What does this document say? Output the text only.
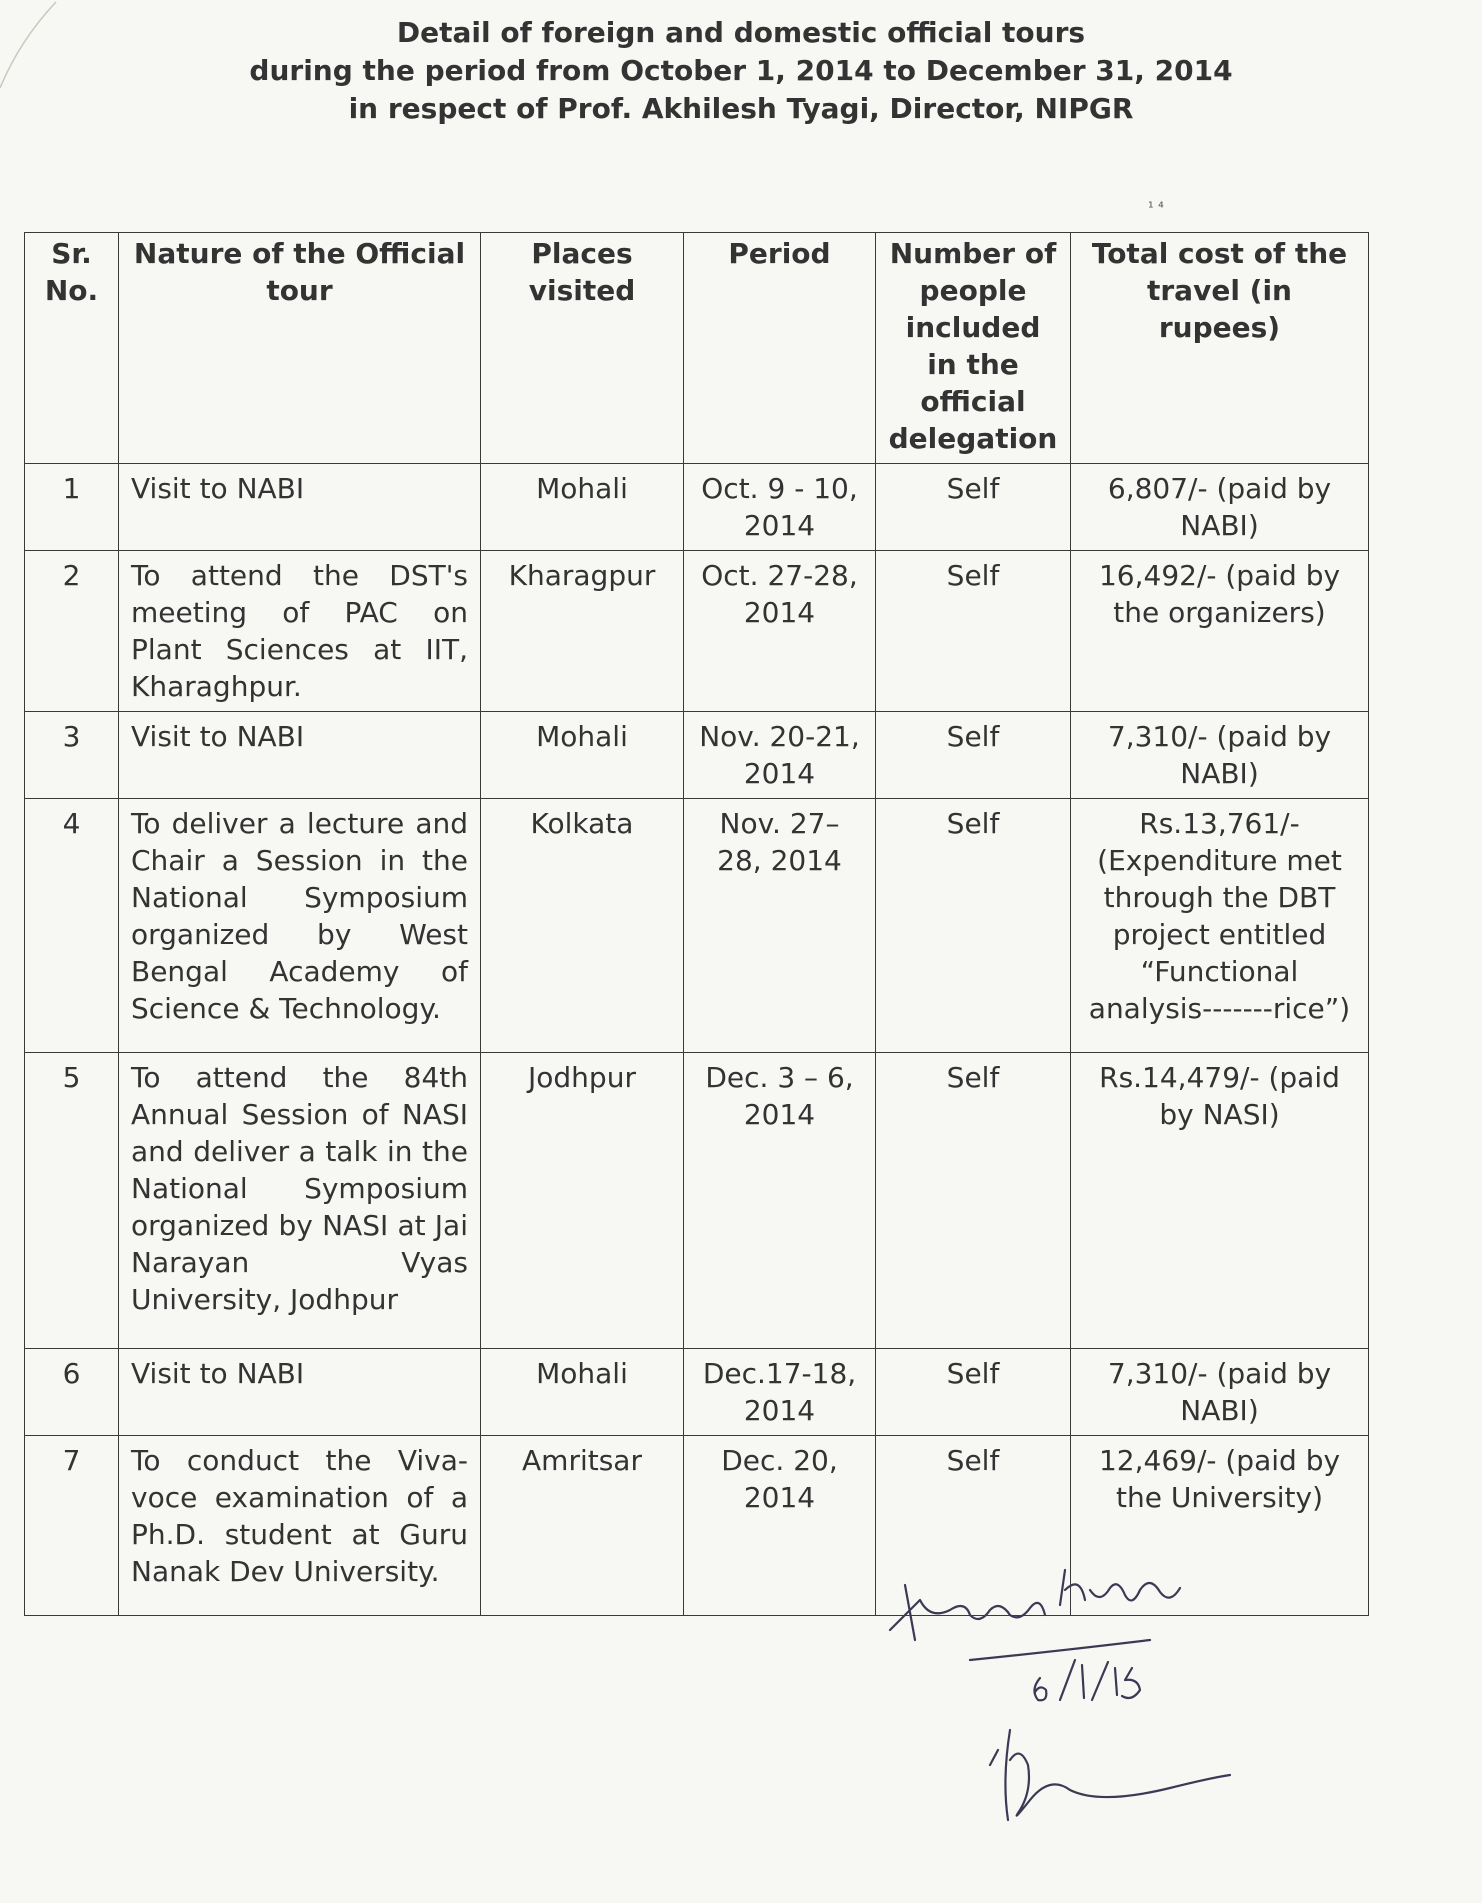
Detail of foreign and domestic official tours
during the period from October 1, 2014 to December 31, 2014
in respect of Prof. Akhilesh Tyagi, Director, NIPGR
¹ ⁴
Sr. No.	Nature of the Official tour	Places visited	Period	Number of people included in the official delegation	Total cost of the travel (in rupees)
1	Visit to NABI	Mohali	Oct. 9 - 10, 2014	Self	6,807/- (paid by NABI)
2	To attend the DST's meeting of PAC on Plant Sciences at IIT, Kharaghpur.	Kharagpur	Oct. 27-28, 2014	Self	16,492/- (paid by the organizers)
3	Visit to NABI	Mohali	Nov. 20-21, 2014	Self	7,310/- (paid by NABI)
4	To deliver a lecture and Chair a Session in the National Symposium organized by West Bengal Academy of Science & Technology.	Kolkata	Nov. 27– 28, 2014	Self	Rs.13,761/- (Expenditure met through the DBT project entitled “Functional analysis-------rice”)
5	To attend the 84th Annual Session of NASI and deliver a talk in the National Symposium organized by NASI at Jai Narayan Vyas University, Jodhpur	Jodhpur	Dec. 3 – 6, 2014	Self	Rs.14,479/- (paid by NASI)
6	Visit to NABI	Mohali	Dec.17-18, 2014	Self	7,310/- (paid by NABI)
7	To conduct the Viva-voce examination of a Ph.D. student at Guru Nanak Dev University.	Amritsar	Dec. 20, 2014	Self	12,469/- (paid by the University)
